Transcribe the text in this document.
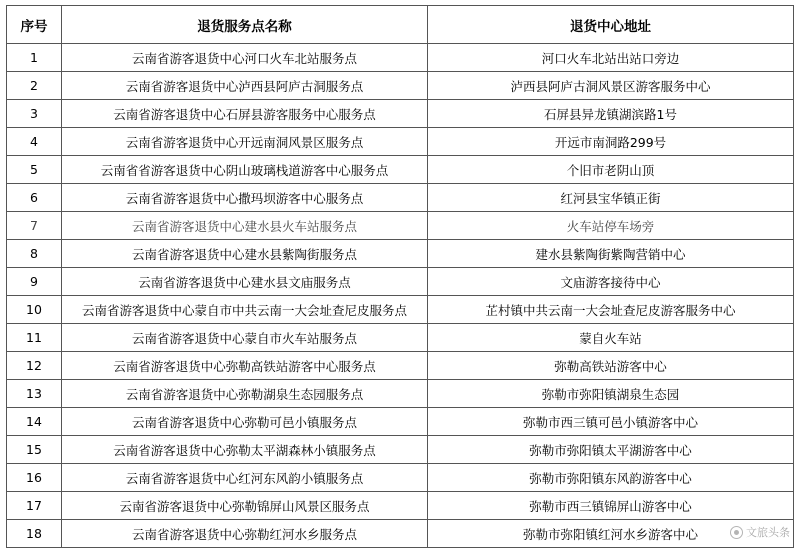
序号	退货服务点名称	退货中心地址
1	云南省游客退货中心河口火车北站服务点	河口火车北站出站口旁边
2	云南省游客退货中心泸西县阿庐古洞服务点	泸西县阿庐古洞风景区游客服务中心
3	云南省游客退货中心石屏县游客服务中心服务点	石屏县异龙镇湖滨路1号
4	云南省游客退货中心开远南洞风景区服务点	开远市南洞路299号
5	云南省省游客退货中心阴山玻璃栈道游客中心服务点	个旧市老阴山顶
6	云南省游客退货中心撒玛坝游客中心服务点	红河县宝华镇正街
7	云南省游客退货中心建水县火车站服务点	火车站停车场旁
8	云南省游客退货中心建水县紫陶街服务点	建水县紫陶街紫陶营销中心
9	云南省游客退货中心建水县文庙服务点	文庙游客接待中心
10	云南省游客退货中心蒙自市中共云南一大会址查尼皮服务点	芷村镇中共云南一大会址查尼皮游客服务中心
11	云南省游客退货中心蒙自市火车站服务点	蒙自火车站
12	云南省游客退货中心弥勒高铁站游客中心服务点	弥勒高铁站游客中心
13	云南省游客退货中心弥勒湖泉生态园服务点	弥勒市弥阳镇湖泉生态园
14	云南省游客退货中心弥勒可邑小镇服务点	弥勒市西三镇可邑小镇游客中心
15	云南省游客退货中心弥勒太平湖森林小镇服务点	弥勒市弥阳镇太平湖游客中心
16	云南省游客退货中心红河东风韵小镇服务点	弥勒市弥阳镇东风韵游客中心
17	云南省游客退货中心弥勒锦屏山风景区服务点	弥勒市西三镇锦屏山游客中心
18	云南省游客退货中心弥勒红河水乡服务点	弥勒市弥阳镇红河水乡游客中心	文旅头条
